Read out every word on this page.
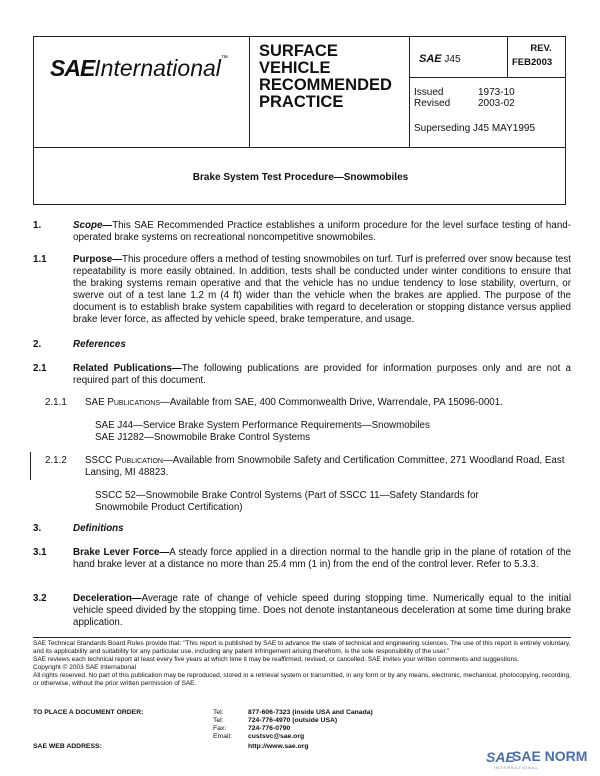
SAEInternational™ SURFACE
VEHICLE
RECOMMENDED
PRACTICE
SAE J45
REV.
FEB2003
Issued	1973-10
Revised	2003-02
Superseding J45 MAY1995
Brake System Test Procedure—Snowmobiles
1.	Scope—This SAE Recommended Practice establishes a uniform procedure for the level surface testing of hand-operated brake systems on recreational noncompetitive snowmobiles.
1.1	Purpose—This procedure offers a method of testing snowmobiles on turf. Turf is preferred over snow because test repeatability is more easily obtained. In addition, tests shall be conducted under winter conditions to ensure that the braking systems remain operative and that the vehicle has no undue tendency to lose stability, overturn, or swerve out of a test lane 1.2 m (4 ft) wider than the vehicle when the brakes are applied. The purpose of the document is to establish brake system capabilities with regard to deceleration or stopping distance versus applied brake lever force, as affected by vehicle speed, brake temperature, and usage.
2.	References
2.1	Related Publications—The following publications are provided for information purposes only and are not a required part of this document.
2.1.1 SAE Publications—Available from SAE, 400 Commonwealth Drive, Warrendale, PA 15096-0001.
SAE J44—Service Brake System Performance Requirements—Snowmobiles
SAE J1282—Snowmobile Brake Control Systems
2.1.2 SSCC Publication—Available from Snowmobile Safety and Certification Committee, 271 Woodland Road, East Lansing, MI 48823.
SSCC 52—Snowmobile Brake Control Systems (Part of SSCC 11—Safety Standards for Snowmobile Product Certification)
3.	Definitions
3.1	Brake Lever Force—A steady force applied in a direction normal to the handle grip in the plane of rotation of the hand brake lever at a distance no more than 25.4 mm (1 in) from the end of the control lever. Refer to 5.3.3.
3.2	Deceleration—Average rate of change of vehicle speed during stopping time. Numerically equal to the initial vehicle speed divided by the stopping time. Does not denote instantaneous deceleration at some time during brake application.
SAE Technical Standards Board Rules provide that: "This report is published by SAE to advance the state of technical and engineering sciences. The use of this report is entirely voluntary, and its applicability and suitability for any particular use, including any patent infringement arising therefrom, is the sole responsibility of the user."
SAE reviews each technical report at least every five years at which time it may be reaffirmed, revised, or cancelled. SAE invites your written comments and suggestions.
Copyright © 2003 SAE International
All rights reserved. No part of this publication may be reproduced, stored in a retrieval system or transmitted, in any form or by any means, electronic, mechanical, photocopying, recording, or otherwise, without the prior written permission of SAE.
TO PLACE A DOCUMENT ORDER:	Tel:	877-606-7323 (inside USA and Canada)
Tel:	724-776-4970 (outside USA)
Fax:	724-776-0790
Email: custsvc@sae.org
SAE WEB ADDRESS:	http://www.sae.org
SAE
SAE NORM
INTERNATIONAL
